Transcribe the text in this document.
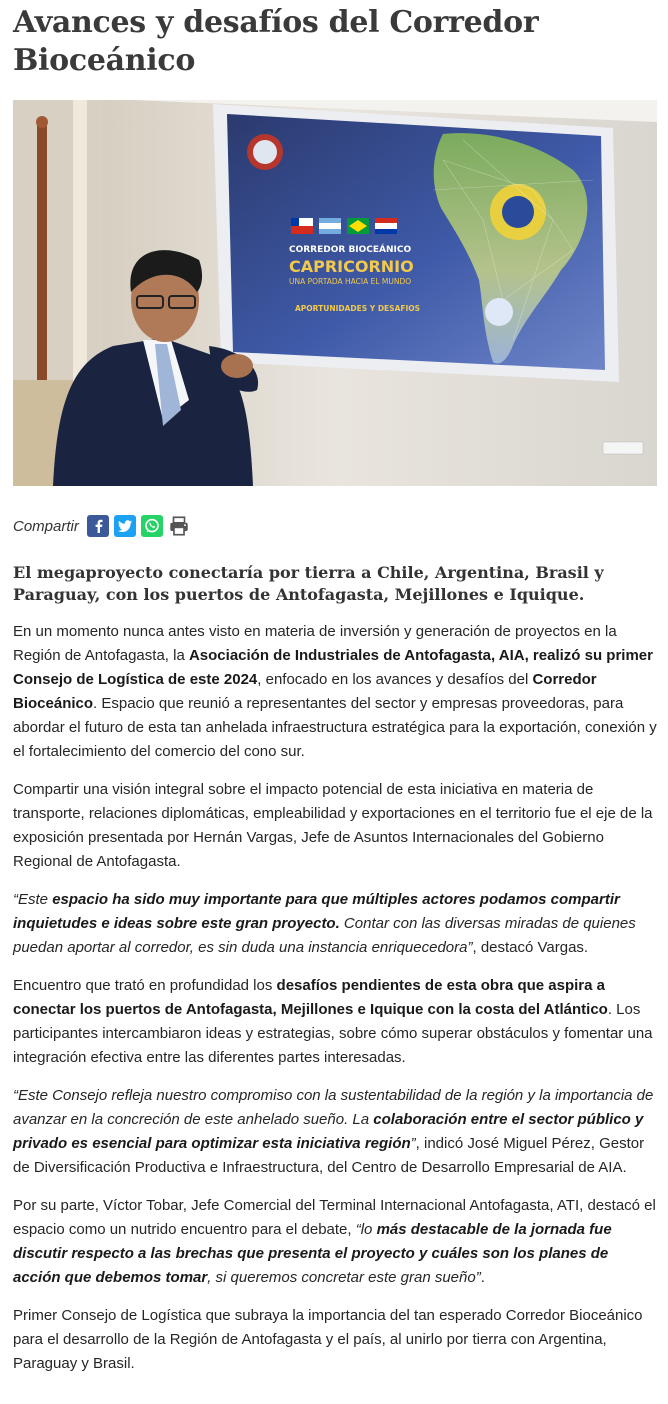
Avances y desafíos del Corredor Bioceánico
CORREDOR BIOCEÁNICO
CAPRICORNIO
UNA PORTADA HACIA EL MUNDO
APORTUNIDADES Y DESAFIOS
Compartir
El megaproyecto conectaría por tierra a Chile, Argentina, Brasil y Paraguay, con los puertos de Antofagasta, Mejillones e Iquique.

En un momento nunca antes visto en materia de inversión y generación de proyectos en la Región de Antofagasta, la Asociación de Industriales de Antofagasta, AIA, realizó su primer Consejo de Logística de este 2024, enfocado en los avances y desafíos del Corredor Bioceánico. Espacio que reunió a representantes del sector y empresas proveedoras, para abordar el futuro de esta tan anhelada infraestructura estratégica para la exportación, conexión y el fortalecimiento del comercio del cono sur.

Compartir una visión integral sobre el impacto potencial de esta iniciativa en materia de transporte, relaciones diplomáticas, empleabilidad y exportaciones en el territorio fue el eje de la exposición presentada por Hernán Vargas, Jefe de Asuntos Internacionales del Gobierno Regional de Antofagasta.

“Este espacio ha sido muy importante para que múltiples actores podamos compartir inquietudes e ideas sobre este gran proyecto. Contar con las diversas miradas de quienes puedan aportar al corredor, es sin duda una instancia enriquecedora”, destacó Vargas.

Encuentro que trató en profundidad los desafíos pendientes de esta obra que aspira a conectar los puertos de Antofagasta, Mejillones e Iquique con la costa del Atlántico. Los participantes intercambiaron ideas y estrategias, sobre cómo superar obstáculos y fomentar una integración efectiva entre las diferentes partes interesadas.

“Este Consejo refleja nuestro compromiso con la sustentabilidad de la región y la importancia de avanzar en la concreción de este anhelado sueño. La colaboración entre el sector público y privado es esencial para optimizar esta iniciativa región”, indicó José Miguel Pérez, Gestor de Diversificación Productiva e Infraestructura, del Centro de Desarrollo Empresarial de AIA.

Por su parte, Víctor Tobar, Jefe Comercial del Terminal Internacional Antofagasta, ATI, destacó el espacio como un nutrido encuentro para el debate, “lo más destacable de la jornada fue discutir respecto a las brechas que presenta el proyecto y cuáles son los planes de acción que debemos tomar, si queremos concretar este gran sueño”.

Primer Consejo de Logística que subraya la importancia del tan esperado Corredor Bioceánico para el desarrollo de la Región de Antofagasta y el país, al unirlo por tierra con Argentina, Paraguay y Brasil.
